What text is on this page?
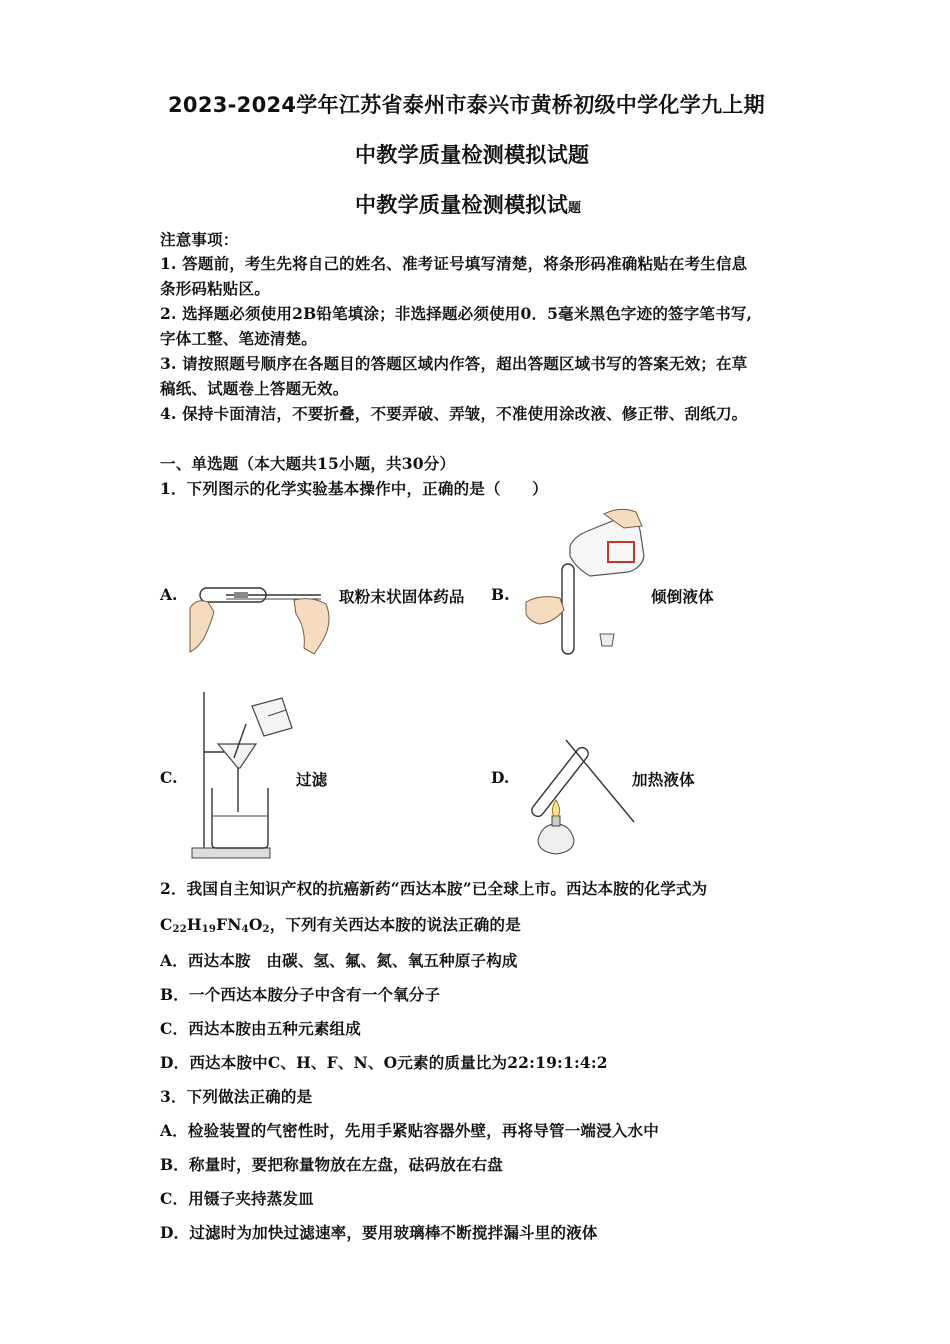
2023-2024学年江苏省泰州市泰兴市黄桥初级中学化学九上期
中教学质量检测模拟试题
中教学质量检测模拟试题
注意事项：
1. 答题前，考生先将自己的姓名、准考证号填写清楚，将条形码准确粘贴在考生信息
条形码粘贴区。
2. 选择题必须使用2B铅笔填涂；非选择题必须使用0．5毫米黑色字迹的签字笔书写,
字体工整、笔迹清楚。
3. 请按照题号顺序在各题目的答题区域内作答，超出答题区域书写的答案无效；在草
稿纸、试题卷上答题无效。
4. 保持卡面清洁，不要折叠，不要弄破、弄皱，不准使用涂改液、修正带、刮纸刀。
一、单选题（本大题共15小题，共30分）
1．下列图示的化学实验基本操作中，正确的是（　　）
A.	取粉末状固体药品 B.	倾倒液体
C.	过滤	D.	加热液体
2．我国自主知识产权的抗癌新药“西达本胺”已全球上市。西达本胺的化学式为
$C_{22}H_{19}FN_4O_2$，下列有关西达本胺的说法正确的是
A．西达本胺　由碳、氢、氟、氮、氧五种原子构成
B．一个西达本胺分子中含有一个氧分子
C．西达本胺由五种元素组成
D．西达本胺中C、H、F、N、O元素的质量比为22:19:1:4:2
3．下列做法正确的是
A．检验装置的气密性时，先用手紧贴容器外壁，再将导管一端浸入水中
B．称量时，要把称量物放在左盘，砝码放在右盘
C．用镊子夹持蒸发皿
D．过滤时为加快过滤速率，要用玻璃棒不断搅拌漏斗里的液体
